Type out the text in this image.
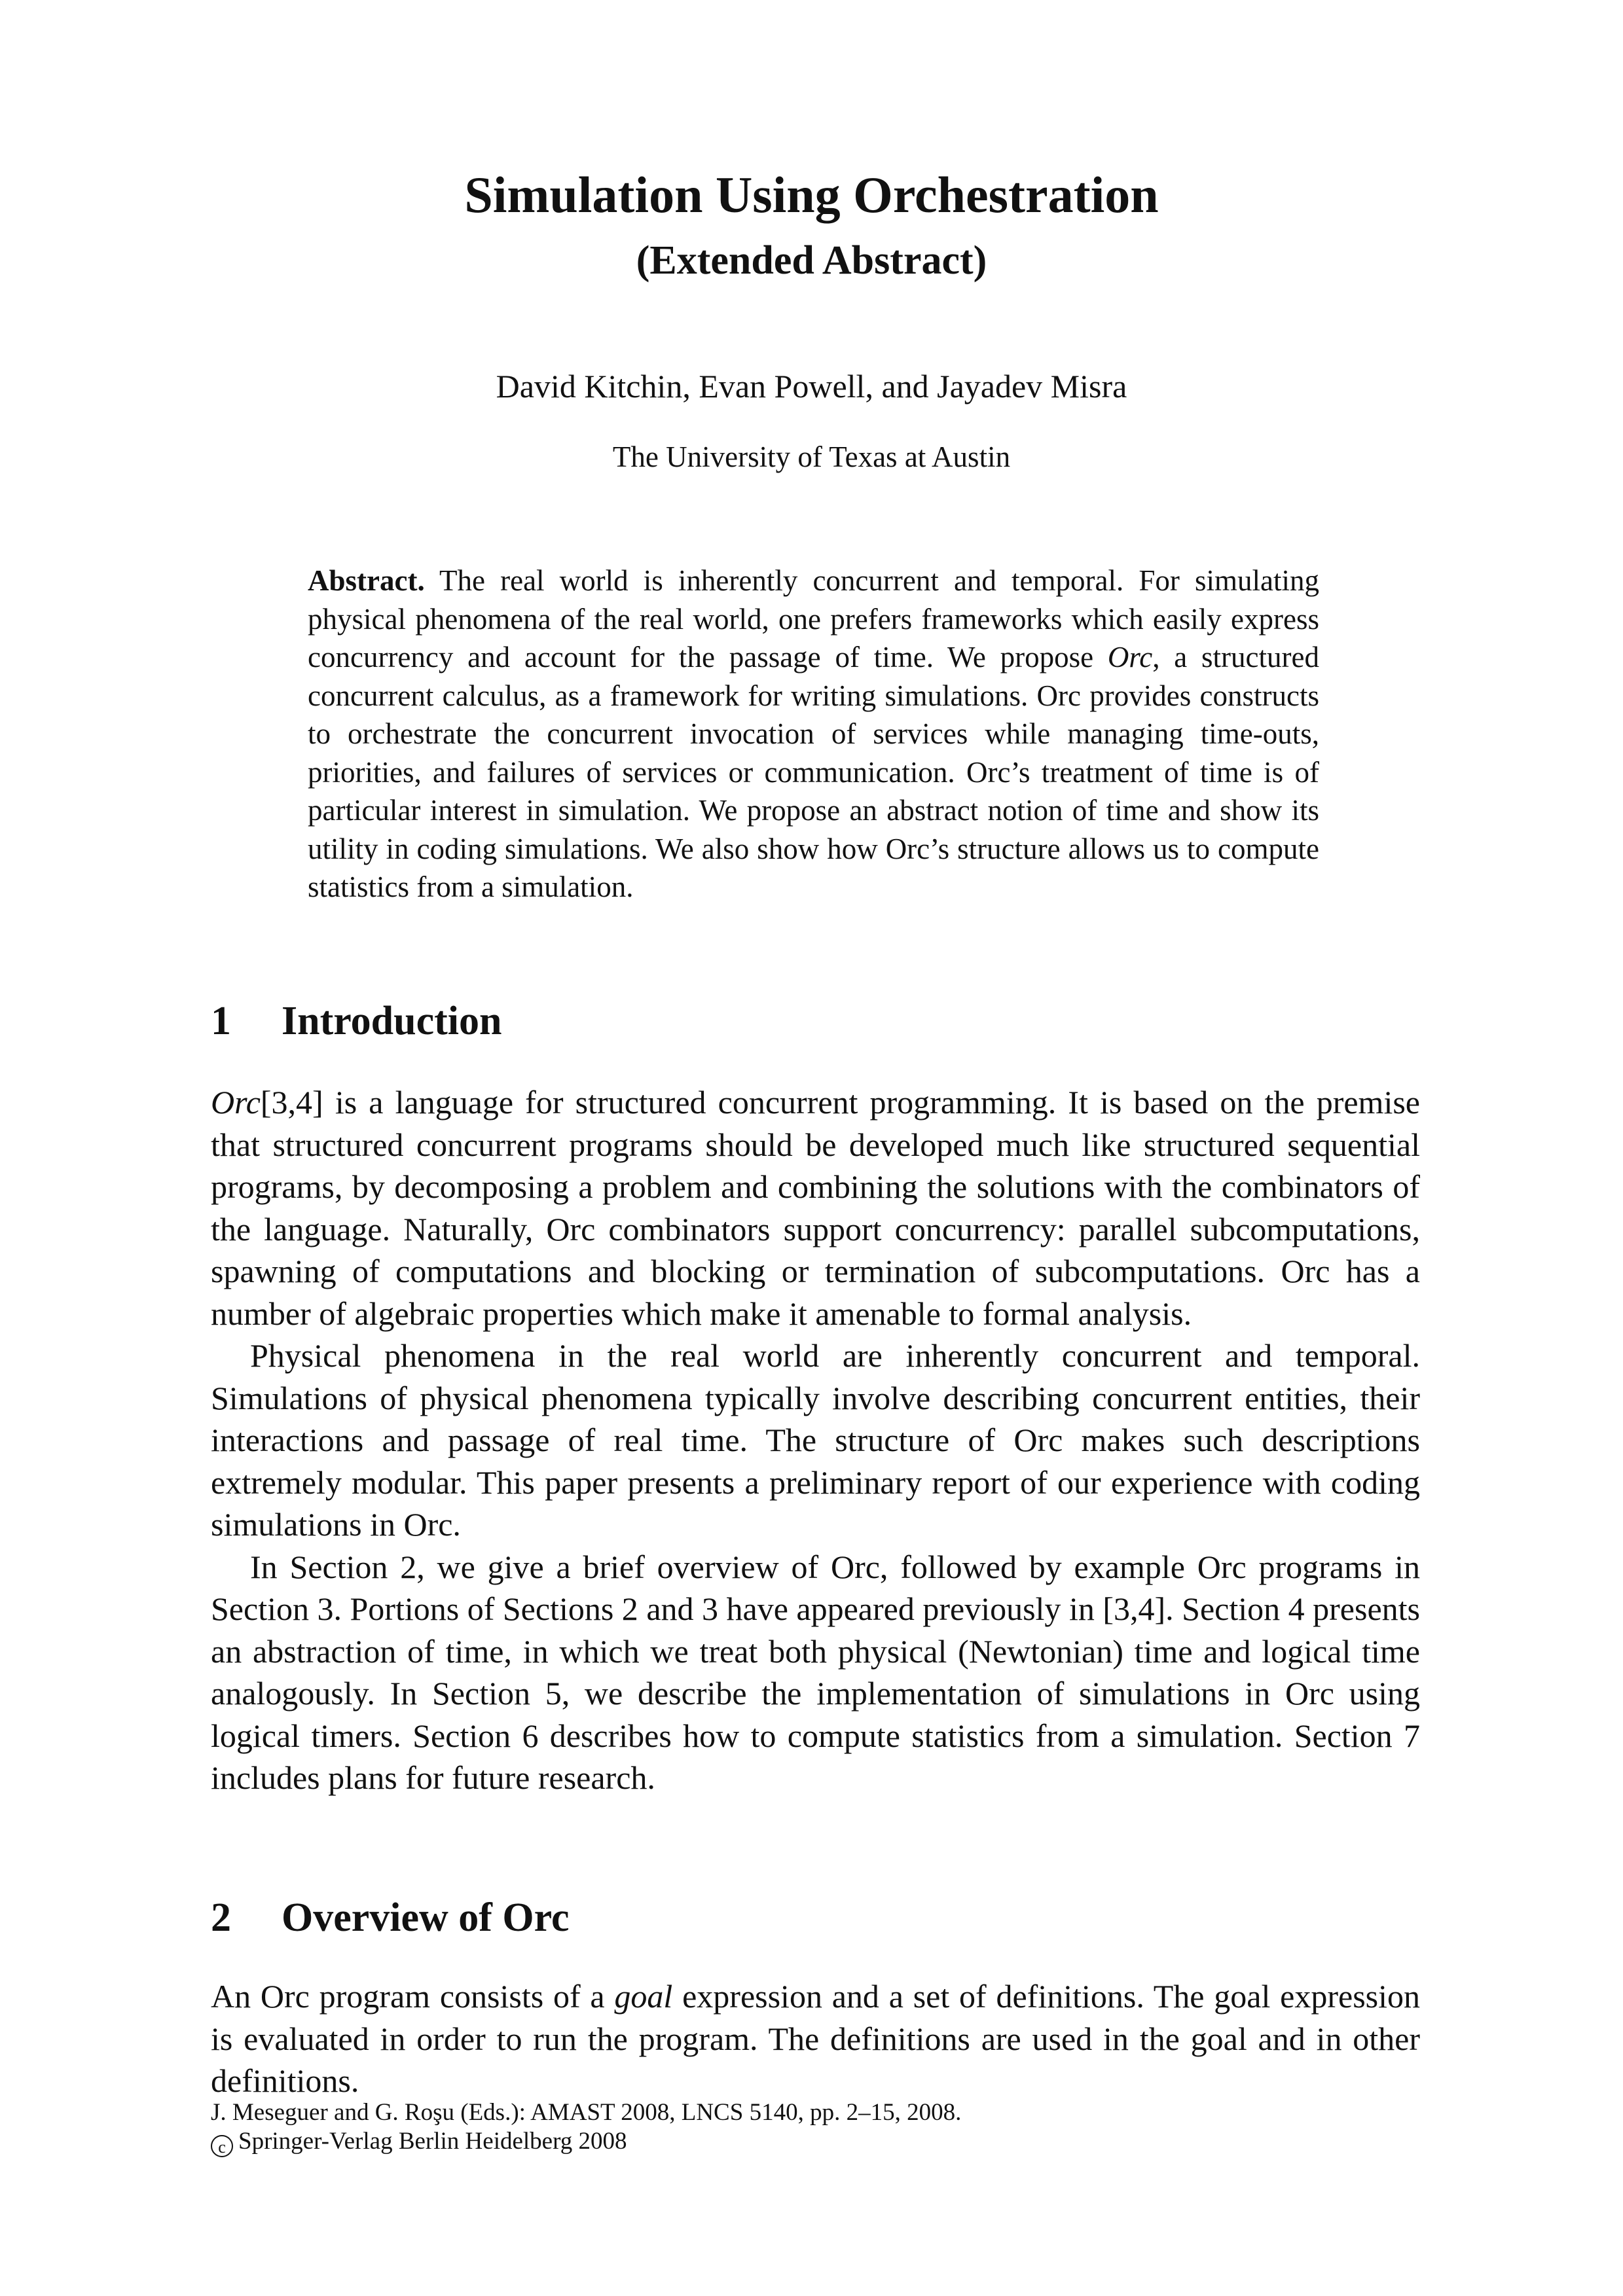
Simulation Using Orchestration
(Extended Abstract)
David Kitchin, Evan Powell, and Jayadev Misra
The University of Texas at Austin

Abstract. The real world is inherently concurrent and temporal. For simulating physical phenomena of the real world, one prefers frameworks which easily express concurrency and account for the passage of time. We propose Orc, a structured concurrent calculus, as a framework for writing simulations. Orc provides constructs to orchestrate the concurrent invocation of services while managing time-outs, priorities, and failures of services or communication. Orc’s treatment of time is of particular interest in simulation. We propose an abstract notion of time and show its utility in coding simulations. We also show how Orc’s structure allows us to compute statistics from a simulation.

1 Introduction

Orc[3,4] is a language for structured concurrent programming. It is based on the premise that structured concurrent programs should be developed much like structured sequential programs, by decomposing a problem and combining the solutions with the combinators of the language. Naturally, Orc combinators support concurrency: parallel subcomputations, spawning of computations and blocking or termination of subcomputations. Orc has a number of algebraic properties which make it amenable to formal analysis.

Physical phenomena in the real world are inherently concurrent and temporal. Simulations of physical phenomena typically involve describing concurrent entities, their interactions and passage of real time. The structure of Orc makes such descriptions extremely modular. This paper presents a preliminary report of our experience with coding simulations in Orc.

In Section 2, we give a brief overview of Orc, followed by example Orc programs in Section 3. Portions of Sections 2 and 3 have appeared previously in [3,4]. Section 4 presents an abstraction of time, in which we treat both physical (Newtonian) time and logical time analogously. In Section 5, we describe the implementation of simulations in Orc using logical timers. Section 6 describes how to compute statistics from a simulation. Section 7 includes plans for future research.

2 Overview of Orc

An Orc program consists of a goal expression and a set of definitions. The goal expression is evaluated in order to run the program. The definitions are used in the goal and in other definitions.

J. Meseguer and G. Roşu (Eds.): AMAST 2008, LNCS 5140, pp. 2–15, 2008.
c Springer-Verlag Berlin Heidelberg 2008
